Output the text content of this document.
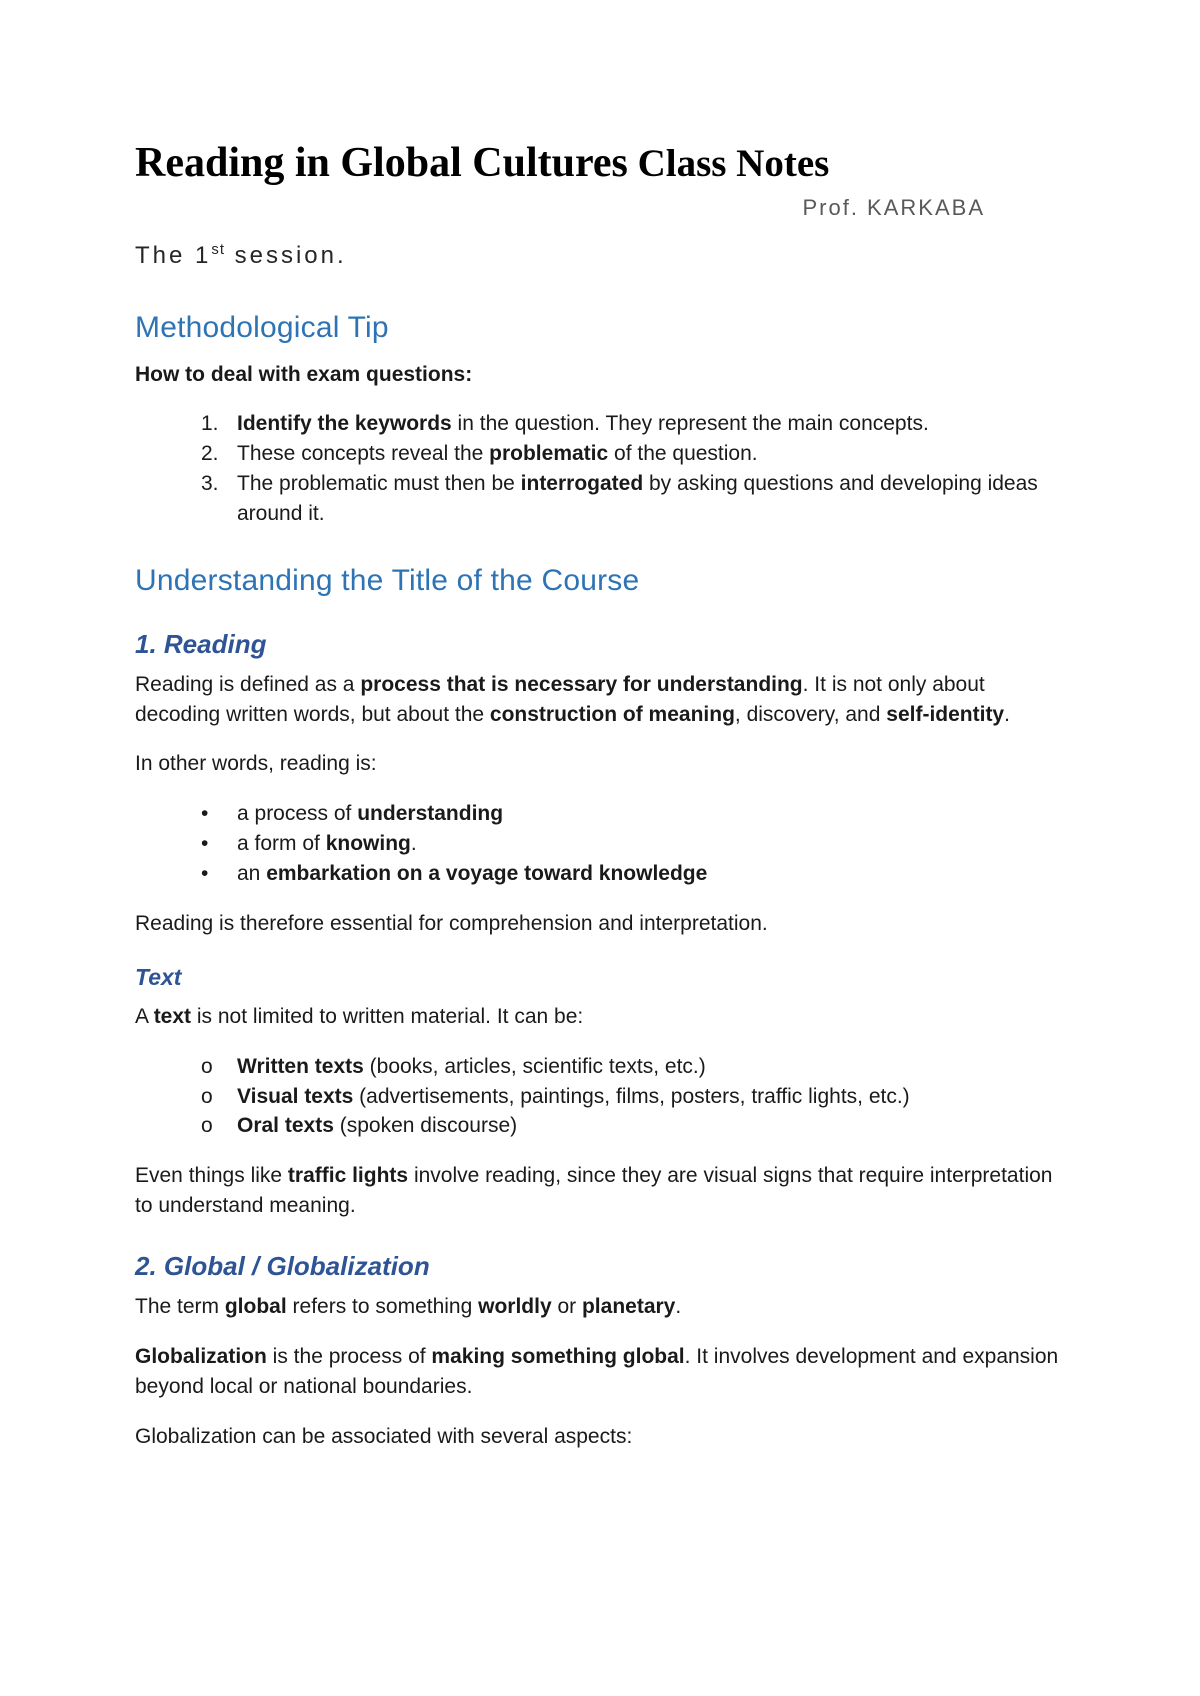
Reading in Global Cultures Class Notes
Prof. KARKABA
The 1st session.
Methodological Tip

How to deal with exam questions:

1. Identify the keywords in the question. They represent the main concepts.
2. These concepts reveal the problematic of the question.
3. The problematic must then be interrogated by asking questions and developing ideas around it.
Understanding the Title of the Course
1. Reading

Reading is defined as a process that is necessary for understanding. It is not only about decoding written words, but about the construction of meaning, discovery, and self-identity.

In other words, reading is:

•	a process of understanding
•	a form of knowing.
•	an embarkation on a voyage toward knowledge

Reading is therefore essential for comprehension and interpretation.

Text

A text is not limited to written material. It can be:

o	Written texts (books, articles, scientific texts, etc.)
o	Visual texts (advertisements, paintings, films, posters, traffic lights, etc.)
o	Oral texts (spoken discourse)

Even things like traffic lights involve reading, since they are visual signs that require interpretation to understand meaning.

2. Global / Globalization

The term global refers to something worldly or planetary.

Globalization is the process of making something global. It involves development and expansion beyond local or national boundaries.

Globalization can be associated with several aspects:
